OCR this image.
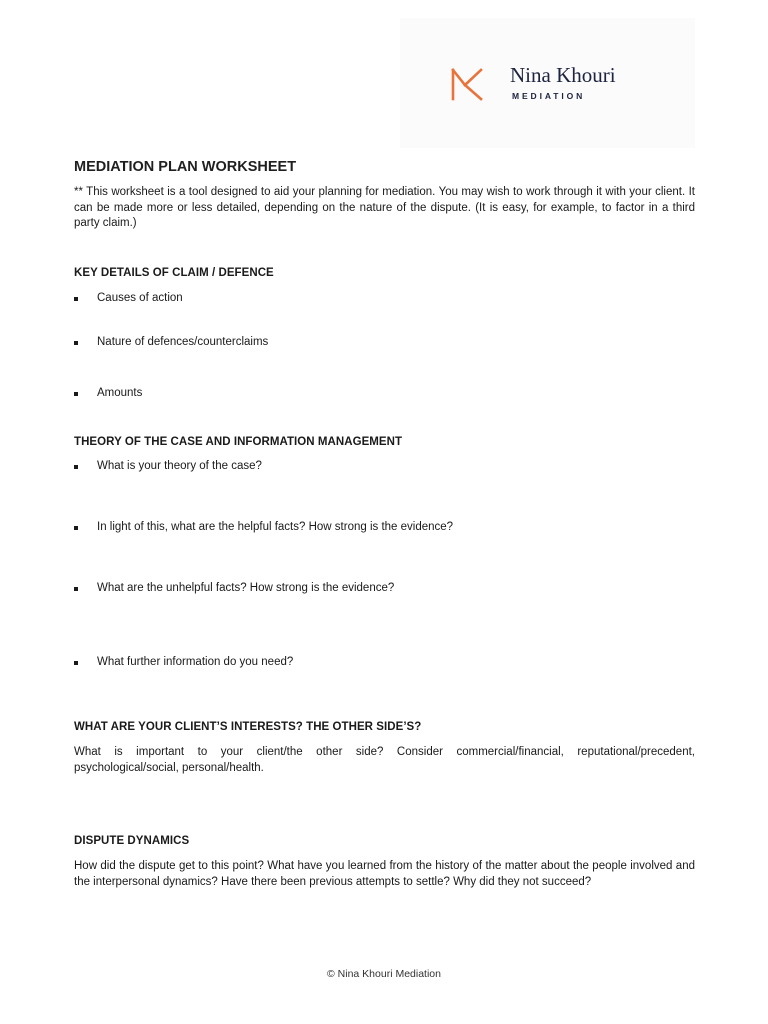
Nina Khouri
MEDIATION
MEDIATION PLAN WORKSHEET
** This worksheet is a tool designed to aid your planning for mediation. You may wish to work through it with your client. It can be made more or less detailed, depending on the nature of the dispute. (It is easy, for example, to factor in a third party claim.)
KEY DETAILS OF CLAIM / DEFENCE
Causes of action
Nature of defences/counterclaims
Amounts
THEORY OF THE CASE AND INFORMATION MANAGEMENT
What is your theory of the case?
In light of this, what are the helpful facts? How strong is the evidence?
What are the unhelpful facts? How strong is the evidence?
What further information do you need?
WHAT ARE YOUR CLIENT’S INTERESTS? THE OTHER SIDE’S?
What is important to your client/the other side? Consider commercial/financial, reputational/precedent, psychological/social, personal/health.
DISPUTE DYNAMICS
How did the dispute get to this point? What have you learned from the history of the matter about the people involved and the interpersonal dynamics? Have there been previous attempts to settle? Why did they not succeed?
© Nina Khouri Mediation
